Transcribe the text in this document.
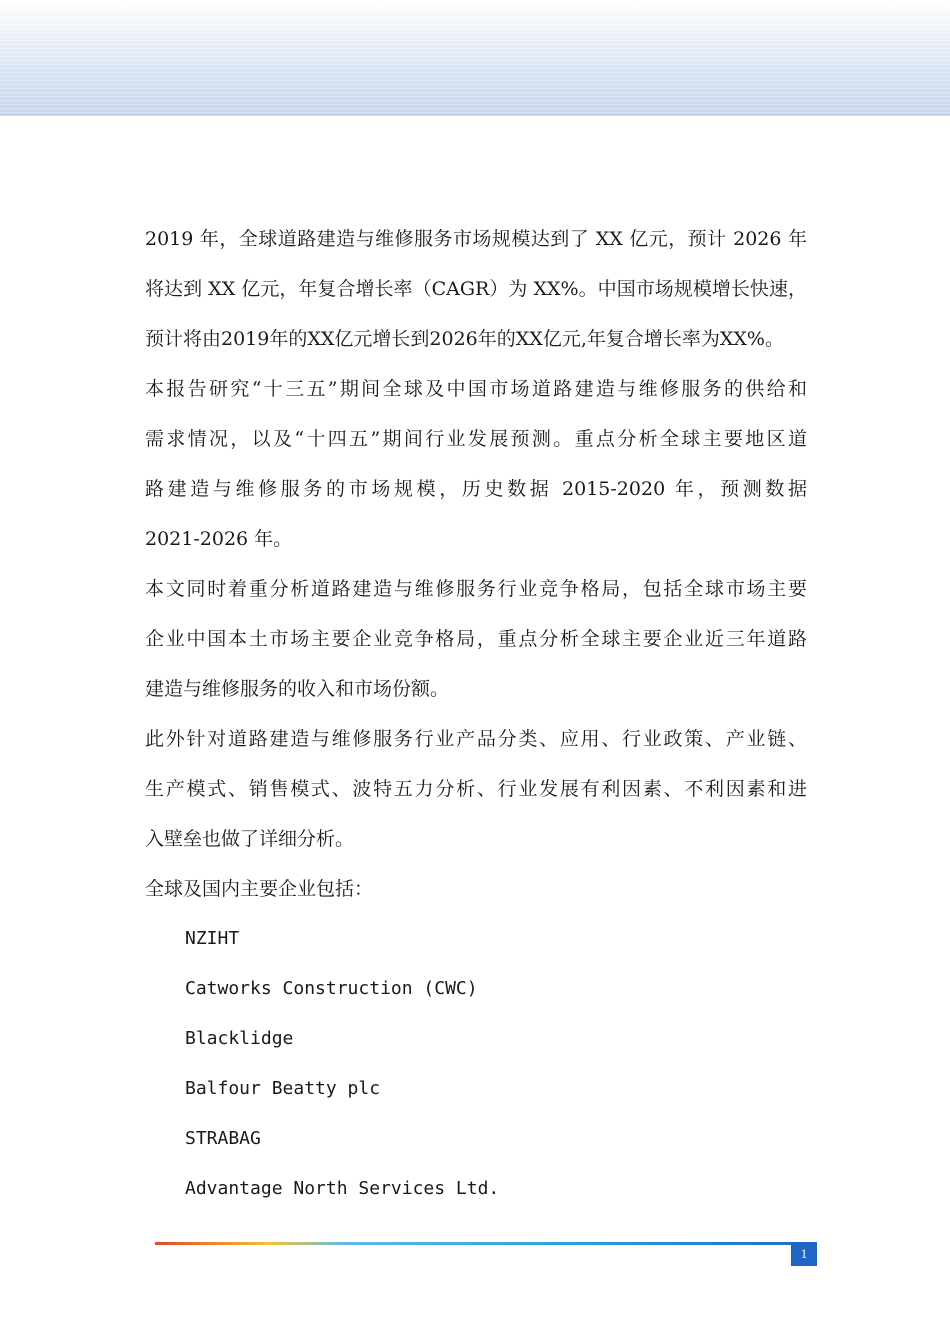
2019 年，全球道路建造与维修服务市场规模达到了 XX 亿元，预计 2026 年
将达到 XX 亿元，年复合增长率（CAGR）为 XX%。中国市场规模增长快速，
预计将由2019年的XX亿元增长到2026年的XX亿元,年复合增长率为XX%。
本报告研究“十三五”期间全球及中国市场道路建造与维修服务的供给和
需求情况，以及“十四五”期间行业发展预测。重点分析全球主要地区道
路建造与维修服务的市场规模，历史数据 2015-2020 年，预测数据
2021-2026 年。
本文同时着重分析道路建造与维修服务行业竞争格局，包括全球市场主要
企业中国本土市场主要企业竞争格局，重点分析全球主要企业近三年道路
建造与维修服务的收入和市场份额。
此外针对道路建造与维修服务行业产品分类、应用、行业政策、产业链、
生产模式、销售模式、波特五力分析、行业发展有利因素、不利因素和进
入壁垒也做了详细分析。
全球及国内主要企业包括：
NZIHT
Catworks Construction (CWC)
Blacklidge
Balfour Beatty plc
STRABAG
Advantage North Services Ltd.
1
